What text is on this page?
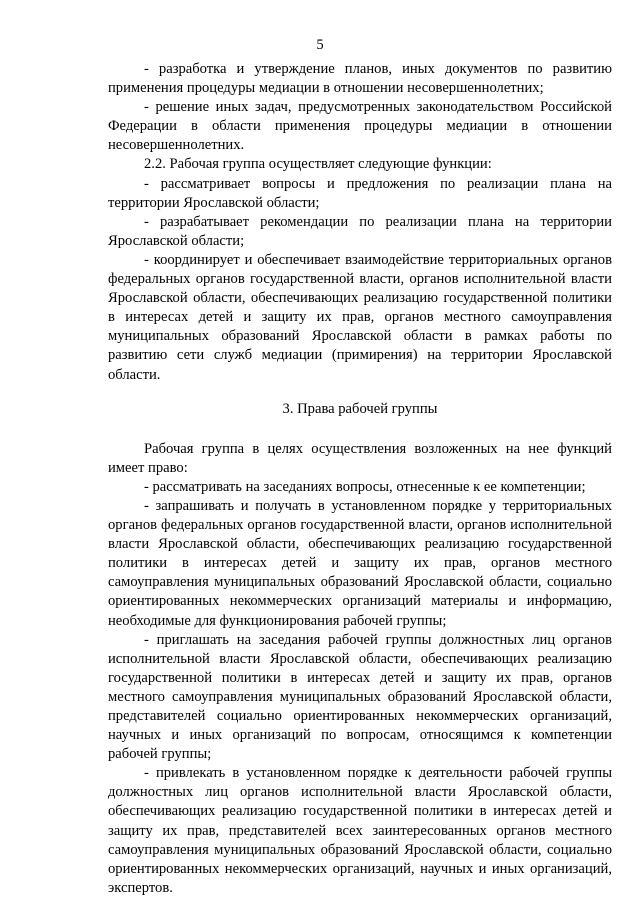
5

- разработка и утверждение планов, иных документов по развитию применения процедуры медиации в отношении несовершеннолетних;

- решение иных задач, предусмотренных законодательством Российской Федерации в области применения процедуры медиации в отношении несовершеннолетних.

2.2. Рабочая группа осуществляет следующие функции:

- рассматривает вопросы и предложения по реализации плана на территории Ярославской области;

- разрабатывает рекомендации по реализации плана на территории Ярославской области;

- координирует и обеспечивает взаимодействие территориальных органов федеральных органов государственной власти, органов исполнительной власти Ярославской области, обеспечивающих реализацию государственной политики в интересах детей и защиту их прав, органов местного самоуправления муниципальных образований Ярославской области в рамках работы по развитию сети служб медиации (примирения) на территории Ярославской области.

3. Права рабочей группы

Рабочая группа в целях осуществления возложенных на нее функций имеет право:

- рассматривать на заседаниях вопросы, отнесенные к ее компетенции;

- запрашивать и получать в установленном порядке у территориальных органов федеральных органов государственной власти, органов исполнительной власти Ярославской области, обеспечивающих реализацию государственной политики в интересах детей и защиту их прав, органов местного самоуправления муниципальных образований Ярославской области, социально ориентированных некоммерческих организаций материалы и информацию, необходимые для функционирования рабочей группы;

- приглашать на заседания рабочей группы должностных лиц органов исполнительной власти Ярославской области, обеспечивающих реализацию государственной политики в интересах детей и защиту их прав, органов местного самоуправления муниципальных образований Ярославской области, представителей социально ориентированных некоммерческих организаций, научных и иных организаций по вопросам, относящимся к компетенции рабочей группы;

- привлекать в установленном порядке к деятельности рабочей группы должностных лиц органов исполнительной власти Ярославской области, обеспечивающих реализацию государственной политики в интересах детей и защиту их прав, представителей всех заинтересованных органов местного самоуправления муниципальных образований Ярославской области, социально ориентированных некоммерческих организаций, научных и иных организаций, экспертов.
